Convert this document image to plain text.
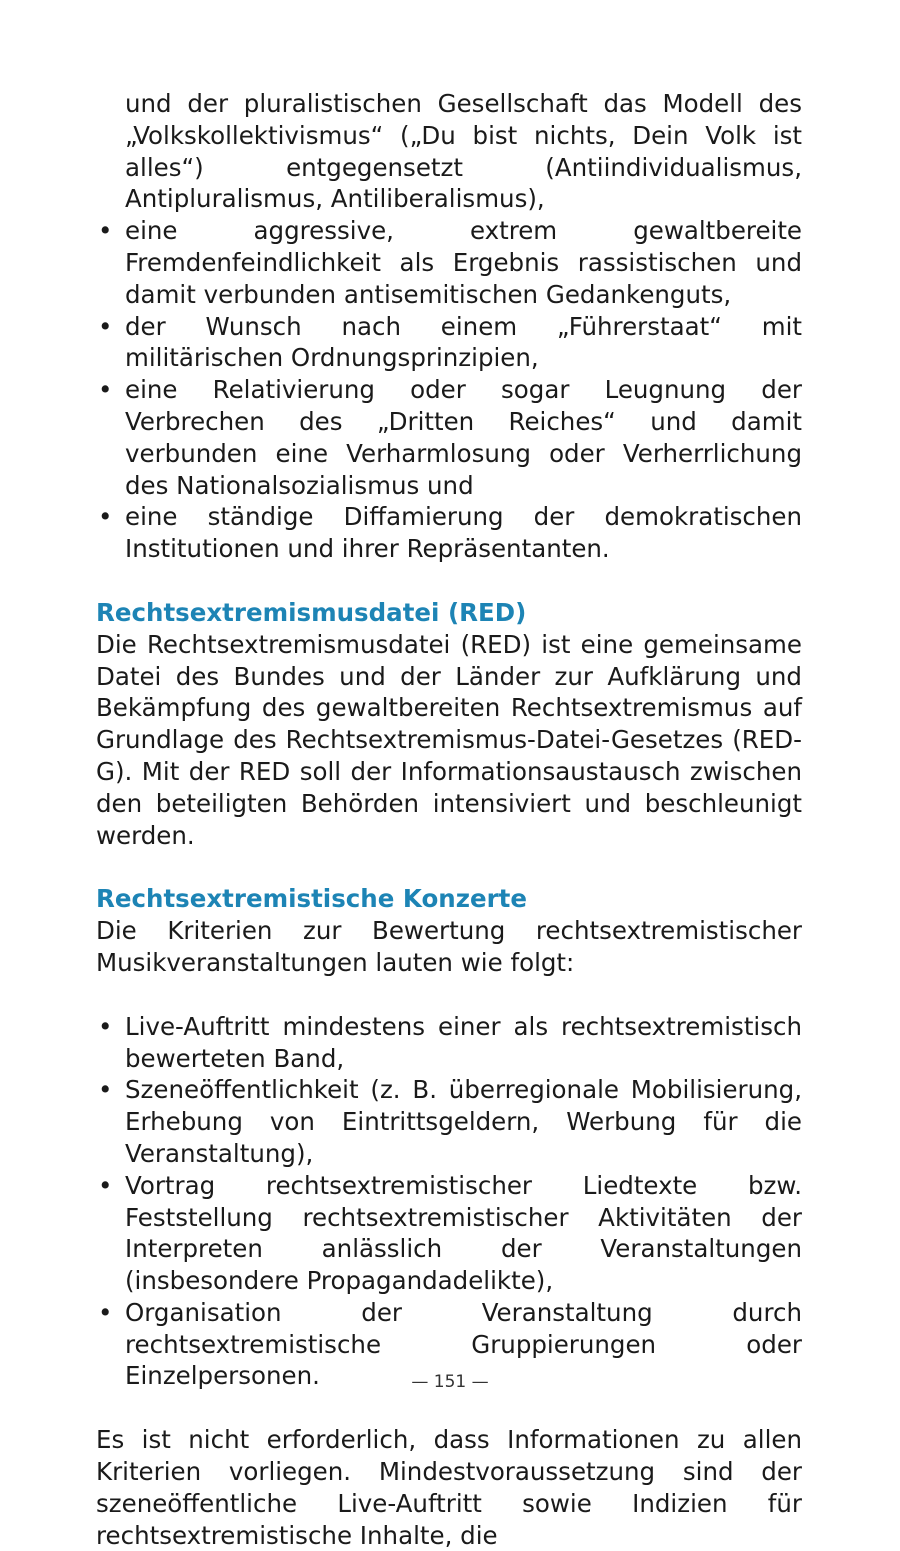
und der pluralistischen Gesellschaft das Modell des „Volkskollektivismus“ („Du bist nichts, Dein Volk ist alles“) entgegensetzt (Antiindividualismus, Antipluralismus, Antiliberalismus),
• eine aggressive, extrem gewaltbereite Fremdenfeindlichkeit als Ergebnis rassistischen und damit verbunden antisemitischen Gedankenguts,
• der Wunsch nach einem „Führerstaat“ mit militärischen Ordnungsprinzipien,
• eine Relativierung oder sogar Leugnung der Verbrechen des „Dritten Reiches“ und damit verbunden eine Verharmlosung oder Verherrlichung des Nationalsozialismus und
• eine ständige Diffamierung der demokratischen Institutionen und ihrer Repräsentanten.
Rechtsextremismusdatei (RED)
Die Rechtsextremismusdatei (RED) ist eine gemeinsame Datei des Bundes und der Länder zur Aufklärung und Bekämpfung des gewaltbereiten Rechtsextremismus auf Grundlage des Rechtsextremismus-Datei-Gesetzes (RED-G). Mit der RED soll der Informationsaustausch zwischen den beteiligten Behörden intensiviert und beschleunigt werden.
Rechtsextremistische Konzerte
Die Kriterien zur Bewertung rechtsextremistischer Musikveranstaltungen lauten wie folgt:
• Live-Auftritt mindestens einer als rechtsextremistisch bewerteten Band,
• Szeneöffentlichkeit (z. B. überregionale Mobilisierung, Erhebung von Eintrittsgeldern, Werbung für die Veranstaltung),
• Vortrag rechtsextremistischer Liedtexte bzw. Feststellung rechtsextremistischer Aktivitäten der Interpreten anlässlich der Veranstaltungen (insbesondere Propagandadelikte),
• Organisation der Veranstaltung durch rechtsextremistische Gruppierungen oder Einzelpersonen.
Es ist nicht erforderlich, dass Informationen zu allen Kriterien vorliegen. Mindestvoraussetzung sind der szeneöffentliche Live-Auftritt sowie Indizien für rechtsextremistische Inhalte, die
— 151 —
